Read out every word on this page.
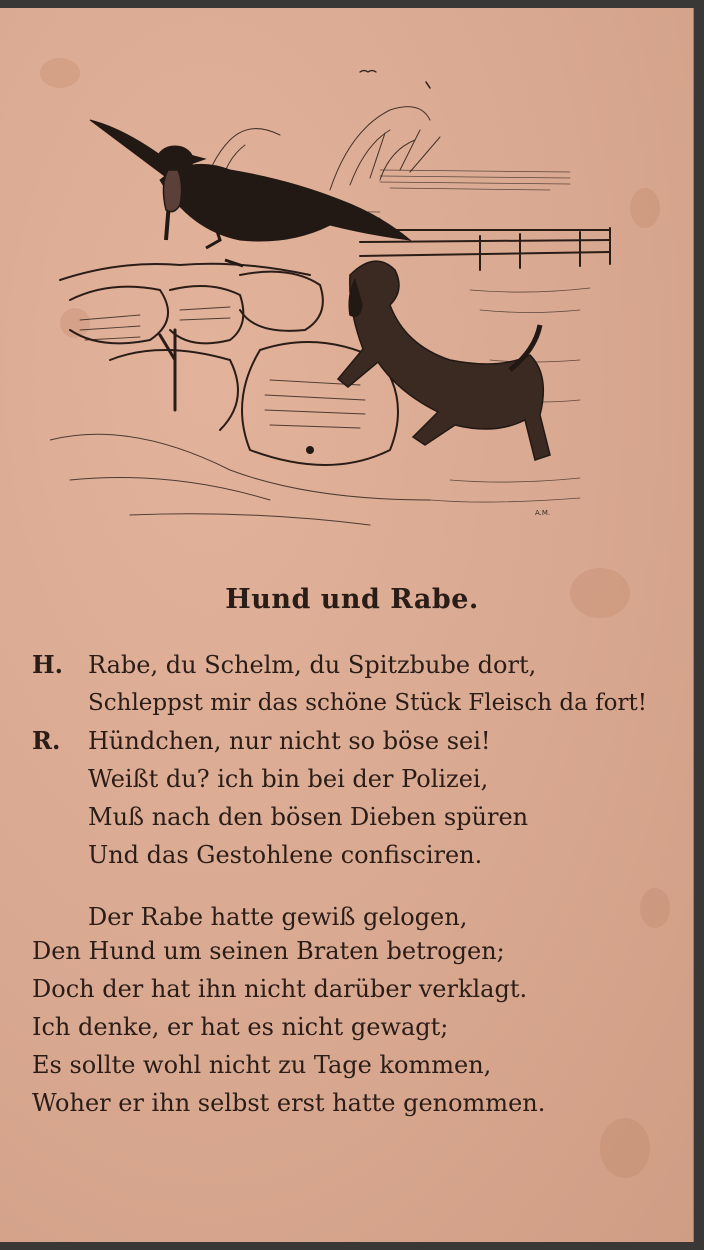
A.M.
Hund und Rabe.
H. Rabe, du Schelm, du Spitzbube dort,
Schleppst mir das schöne Stück Fleisch da fort!
R. Hündchen, nur nicht so böse sei!
Weißt du? ich bin bei der Polizei,
Muß nach den bösen Dieben spüren
Und das Gestohlene confisciren.
Der Rabe hatte gewiß gelogen,
Den Hund um seinen Braten betrogen;
Doch der hat ihn nicht darüber verklagt.
Ich denke, er hat es nicht gewagt;
Es sollte wohl nicht zu Tage kommen,
Woher er ihn selbst erst hatte genommen.
